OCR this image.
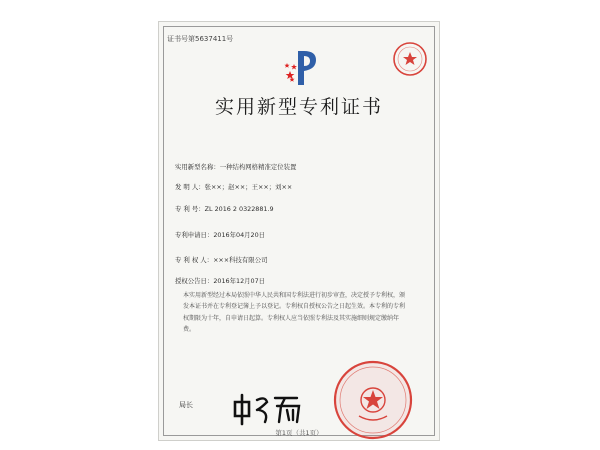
证书号第5637411号
实用新型专利证书
实用新型名称：一种结构网格精准定位装置
发 明 人：张××；赵××；王××；刘××
专 利 号：ZL 2016 2 0322881.9
专利申请日：2016年04月20日
专 利 权 人：×××科技有限公司
授权公告日：2016年12月07日
本实用新型经过本局依照中华人民共和国专利法进行初步审查，决定授予专利权，颁发本证书并在专利登记簿上予以登记。专利权自授权公告之日起生效。本专利的专利权期限为十年，自申请日起算。专利权人应当依照专利法及其实施细则规定缴纳年费。
局长
第1页（共1页）
